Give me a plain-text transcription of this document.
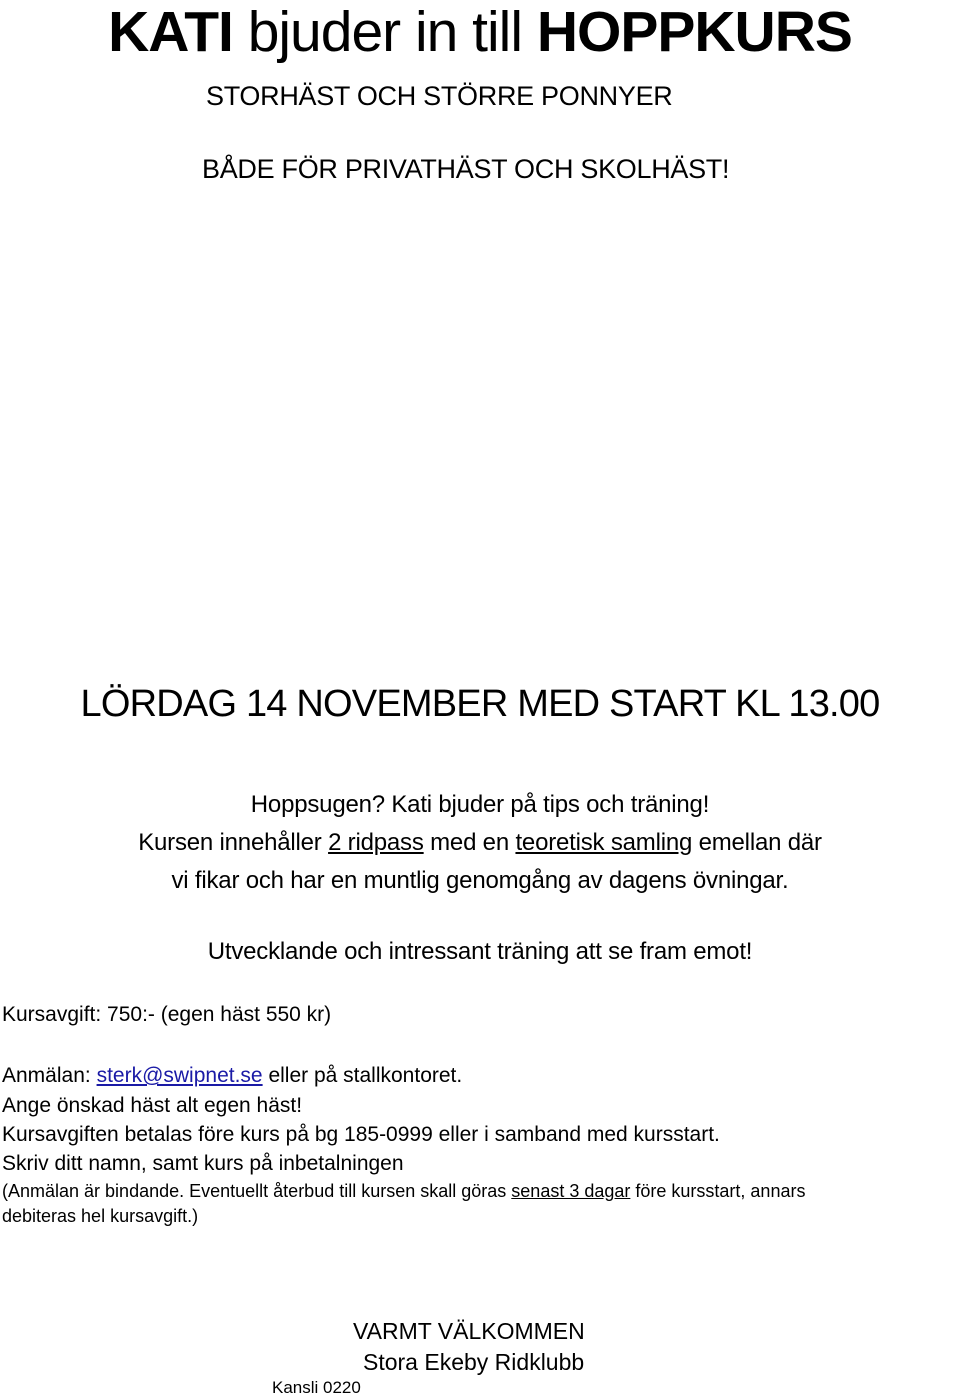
KATI bjuder in till HOPPKURS
STORHÄST OCH STÖRRE PONNYER
BÅDE FÖR PRIVATHÄST OCH SKOLHÄST!
LÖRDAG 14 NOVEMBER MED START KL 13.00
Hoppsugen? Kati bjuder på tips och träning!
Kursen innehåller 2 ridpass med en teoretisk samling emellan där
vi fikar och har en muntlig genomgång av dagens övningar.
Utvecklande och intressant träning att se fram emot!
Kursavgift: 750:- (egen häst 550 kr)
Anmälan: sterk@swipnet.se eller på stallkontoret.
Ange önskad häst alt egen häst!
Kursavgiften betalas före kurs på bg 185-0999 eller i samband med kursstart.
Skriv ditt namn, samt kurs på inbetalningen
(Anmälan är bindande. Eventuellt återbud till kursen skall göras senast 3 dagar före kursstart, annars
debiteras hel kursavgift.)
VARMT VÄLKOMMEN
Stora Ekeby Ridklubb
Kansli 0220
